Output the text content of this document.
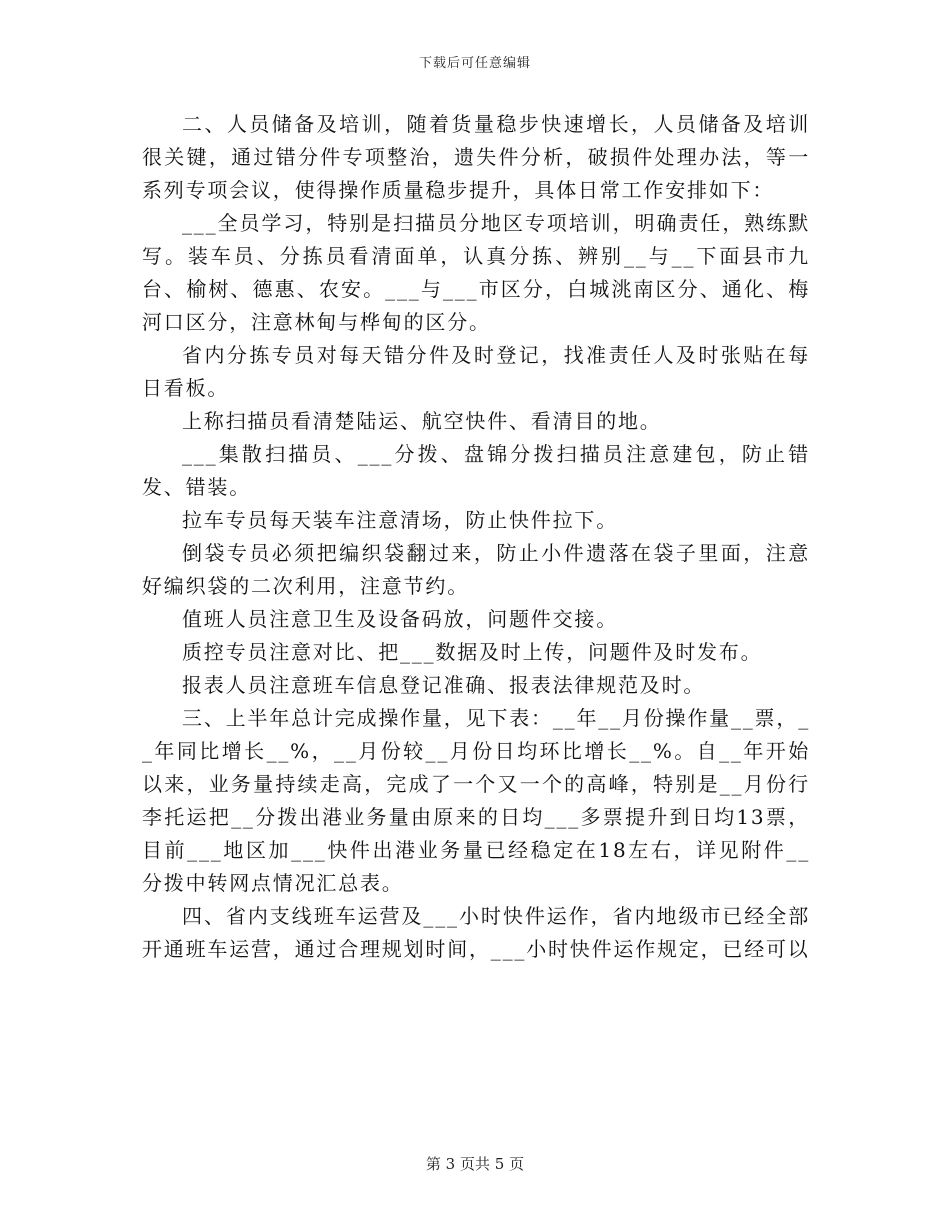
下载后可任意编辑

二、人员储备及培训，随着货量稳步快速增长，人员储备及培训很关键，通过错分件专项整治，遗失件分析，破损件处理办法，等一系列专项会议，使得操作质量稳步提升，具体日常工作安排如下：

___全员学习，特别是扫描员分地区专项培训，明确责任，熟练默写。装车员、分拣员看清面单，认真分拣、辨别__与__下面县市九台、榆树、德惠、农安。___与___市区分，白城洮南区分、通化、梅河口区分，注意林甸与桦甸的区分。

省内分拣专员对每天错分件及时登记，找准责任人及时张贴在每日看板。

上称扫描员看清楚陆运、航空快件、看清目的地。

___集散扫描员、___分拨、盘锦分拨扫描员注意建包，防止错发、错装。

拉车专员每天装车注意清场，防止快件拉下。

倒袋专员必须把编织袋翻过来，防止小件遗落在袋子里面，注意好编织袋的二次利用，注意节约。

值班人员注意卫生及设备码放，问题件交接。

质控专员注意对比、把___数据及时上传，问题件及时发布。

报表人员注意班车信息登记准确、报表法律规范及时。

三、上半年总计完成操作量，见下表：__年__月份操作量__票，__年同比增长__%，__月份较__月份日均环比增长__%。自__年开始以来，业务量持续走高，完成了一个又一个的高峰，特别是__月份行李托运把__分拨出港业务量由原来的日均___多票提升到日均13票，目前___地区加___快件出港业务量已经稳定在18左右，详见附件__分拨中转网点情况汇总表。

四、省内支线班车运营及___小时快件运作，省内地级市已经全部开通班车运营，通过合理规划时间，___小时快件运作规定，已经可以

第 3 页共 5 页
